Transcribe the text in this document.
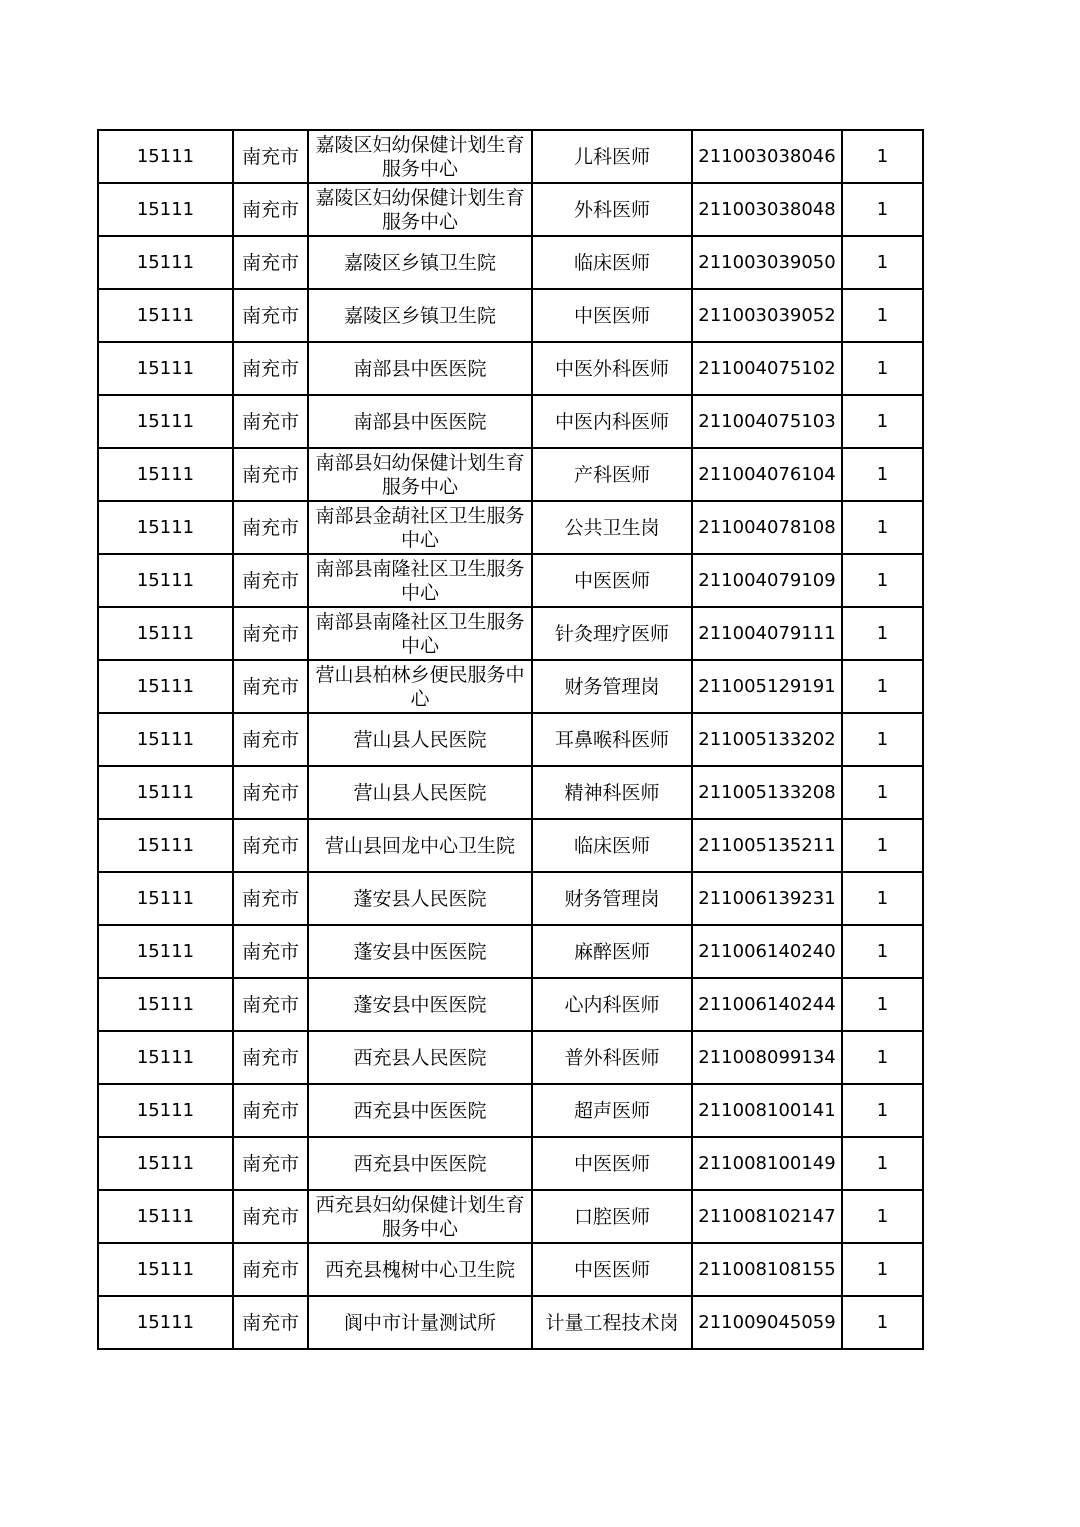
15111	南充市	嘉陵区妇幼保健计划生育服务中心	儿科医师	211003038046	1
15111	南充市	嘉陵区妇幼保健计划生育服务中心	外科医师	211003038048	1
15111	南充市	嘉陵区乡镇卫生院	临床医师	211003039050	1
15111	南充市	嘉陵区乡镇卫生院	中医医师	211003039052	1
15111	南充市	南部县中医医院	中医外科医师	211004075102	1
15111	南充市	南部县中医医院	中医内科医师	211004075103	1
15111	南充市	南部县妇幼保健计划生育服务中心	产科医师	211004076104	1
15111	南充市	南部县金葫社区卫生服务中心	公共卫生岗	211004078108	1
15111	南充市	南部县南隆社区卫生服务中心	中医医师	211004079109	1
15111	南充市	南部县南隆社区卫生服务中心	针灸理疗医师	211004079111	1
15111	南充市	营山县柏林乡便民服务中心	财务管理岗	211005129191	1
15111	南充市	营山县人民医院	耳鼻喉科医师	211005133202	1
15111	南充市	营山县人民医院	精神科医师	211005133208	1
15111	南充市	营山县回龙中心卫生院	临床医师	211005135211	1
15111	南充市	蓬安县人民医院	财务管理岗	211006139231	1
15111	南充市	蓬安县中医医院	麻醉医师	211006140240	1
15111	南充市	蓬安县中医医院	心内科医师	211006140244	1
15111	南充市	西充县人民医院	普外科医师	211008099134	1
15111	南充市	西充县中医医院	超声医师	211008100141	1
15111	南充市	西充县中医医院	中医医师	211008100149	1
15111	南充市	西充县妇幼保健计划生育服务中心	口腔医师	211008102147	1
15111	南充市	西充县槐树中心卫生院	中医医师	211008108155	1
15111	南充市	阆中市计量测试所	计量工程技术岗	211009045059	1
